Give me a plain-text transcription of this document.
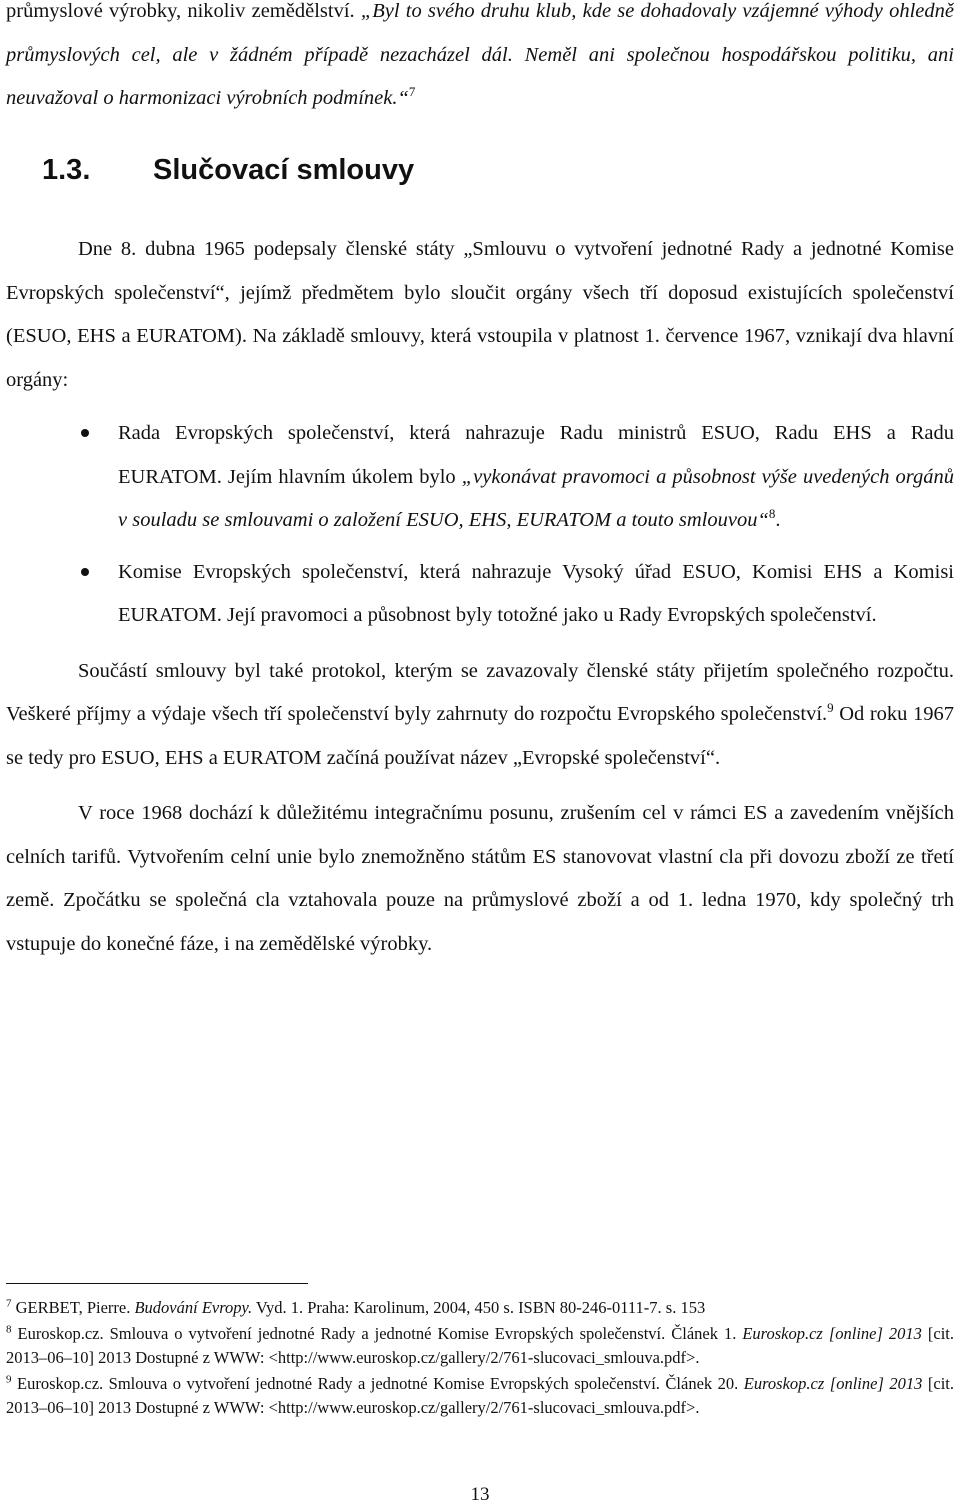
průmyslové výrobky, nikoliv zemědělství. „Byl to svého druhu klub, kde se dohadovaly vzájemné výhody ohledně průmyslových cel, ale v žádném případě nezacházel dál. Neměl ani společnou hospodářskou politiku, ani neuvažoval o harmonizaci výrobních podmínek.“$^7$

1.3. Slučovací smlouvy

Dne 8. dubna 1965 podepsaly členské státy „Smlouvu o vytvoření jednotné Rady a jednotné Komise Evropských společenství“, jejímž předmětem bylo sloučit orgány všech tří doposud existujících společenství (ESUO, EHS a EURATOM). Na základě smlouvy, která vstoupila v platnost 1. července 1967, vznikají dva hlavní orgány:

Rada Evropských společenství, která nahrazuje Radu ministrů ESUO, Radu EHS a Radu EURATOM. Jejím hlavním úkolem bylo „vykonávat pravomoci a působnost výše uvedených orgánů v souladu se smlouvami o založení ESUO, EHS, EURATOM a touto smlouvou“$^8$.
Komise Evropských společenství, která nahrazuje Vysoký úřad ESUO, Komisi EHS a Komisi EURATOM. Její pravomoci a působnost byly totožné jako u Rady Evropských společenství.

Součástí smlouvy byl také protokol, kterým se zavazovaly členské státy přijetím společného rozpočtu. Veškeré příjmy a výdaje všech tří společenství byly zahrnuty do rozpočtu Evropského společenství.$^9$ Od roku 1967 se tedy pro ESUO, EHS a EURATOM začíná používat název „Evropské společenství“.

V roce 1968 dochází k důležitému integračnímu posunu, zrušením cel v rámci ES a zavedením vnějších celních tarifů. Vytvořením celní unie bylo znemožněno státům ES stanovovat vlastní cla při dovozu zboží ze třetí země. Zpočátku se společná cla vztahovala pouze na průmyslové zboží a od 1. ledna 1970, kdy společný trh vstupuje do konečné fáze, i na zemědělské výrobky.

$^7$ GERBET, Pierre. Budování Evropy. Vyd. 1. Praha: Karolinum, 2004, 450 s. ISBN 80-246-0111-7. s. 153

$^8$ Euroskop.cz. Smlouva o vytvoření jednotné Rady a jednotné Komise Evropských společenství. Článek 1. Euroskop.cz [online] 2013 [cit. 2013–06–10] 2013 Dostupné z WWW: <http://www.euroskop.cz/gallery/2/761-slucovaci_smlouva.pdf>.

$^9$ Euroskop.cz. Smlouva o vytvoření jednotné Rady a jednotné Komise Evropských společenství. Článek 20. Euroskop.cz [online] 2013 [cit. 2013–06–10] 2013 Dostupné z WWW: <http://www.euroskop.cz/gallery/2/761-slucovaci_smlouva.pdf>.

13
